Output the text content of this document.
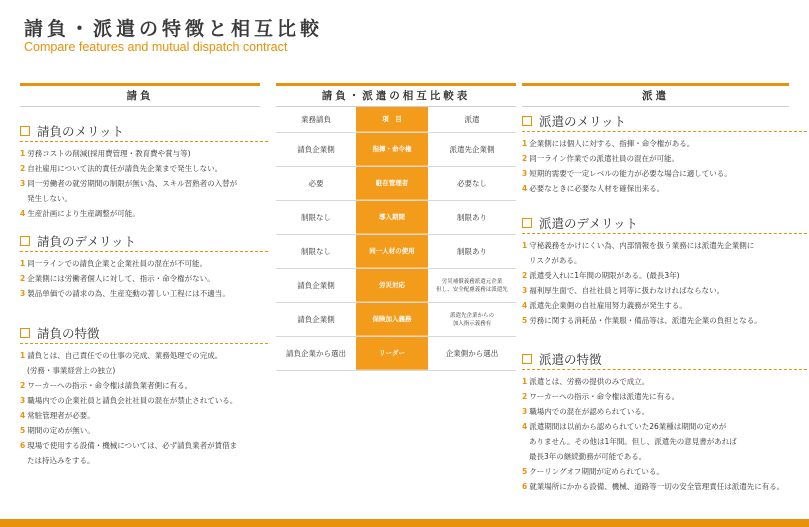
請負・派遣の特徴と相互比較
Compare features and mutual dispatch contract
請負	請負・派遣の相互比較表	派遣
請負のメリット
1 労務コストの削減(採用費管理・教育費や賞与等)
2 自社雇用について法的責任が請負先企業まで発生しない。
3 同一労働者の就労期間の制限が無い為、スキル習熟者の入替が
発生しない。
4 生産計画により生産調整が可能。
請負のデメリット
1 同一ラインでの請負企業と企業社員の混在が不可能。
2 企業側には労働者個人に対して、指示・命令権がない。
3 製品単価での請求の為、生産変動の著しい工程には不適当。
請負の特徴
1 請負とは、自己責任での仕事の完成、業務処理での完成。
(労務・事業経営上の独立)
2 ワーカーへの指示・命令権は請負業者側に有る。
3 職場内での企業社員と請負会社社員の混在が禁止されている。
4 常駐管理者が必要。
5 期間の定めが無い。
6 現場で使用する設備・機械については、必ず請負業者が賃借ま
たは持込みをする。
業務請負	項　目	派遣
請負企業側	指揮・命令権	派遣先企業側
必要	駐在管理者	必要なし
制限なし	導入期間	制限あり
制限なし	同一人材の使用	制限あり
請負企業側	労災対応	労災補償義務派遣元企業
但し、安全配慮義務は派遣先
請負企業側	保険加入義務	派遣先企業からの
加入指示義務有
請負企業から選出	リーダー	企業側から選出
派遣のメリット
1 企業側には個人に対する、指揮・命令権がある。
2 同一ライン作業での派遣社員の混在が可能。
3 短期的需要で一定レベルの能力が必要な場合に適している。
4 必要なときに必要な人材を確保出来る。
派遣のデメリット
1 守秘義務をかけにくい為、内部情報を扱う業務には派遣先企業側に
リスクがある。
2 派遣受入れに1年間の期限がある。(最長3年)
3 福利厚生面で、自社社員と同等に扱わなければならない。
4 派遣先企業側の自社雇用努力義務が発生する。
5 労務に関する消耗品・作業服・備品等は、派遣先企業の負担となる。
派遣の特徴
1 派遣とは、労務の提供のみで成立。
2 ワーカーへの指示・命令権は派遣先に有る。
3 職場内での混在が認められている。
4 派遣期間は以前から認められていた26業種は期間の定めが
ありません。その他は1年間。但し、派遣先の意見書があれば
最長3年の継続勤務が可能である。
5 クーリングオフ期間が定められている。
6 就業場所にかかる設備、機械、道路等一切の安全管理責任は派遣先に有る。
